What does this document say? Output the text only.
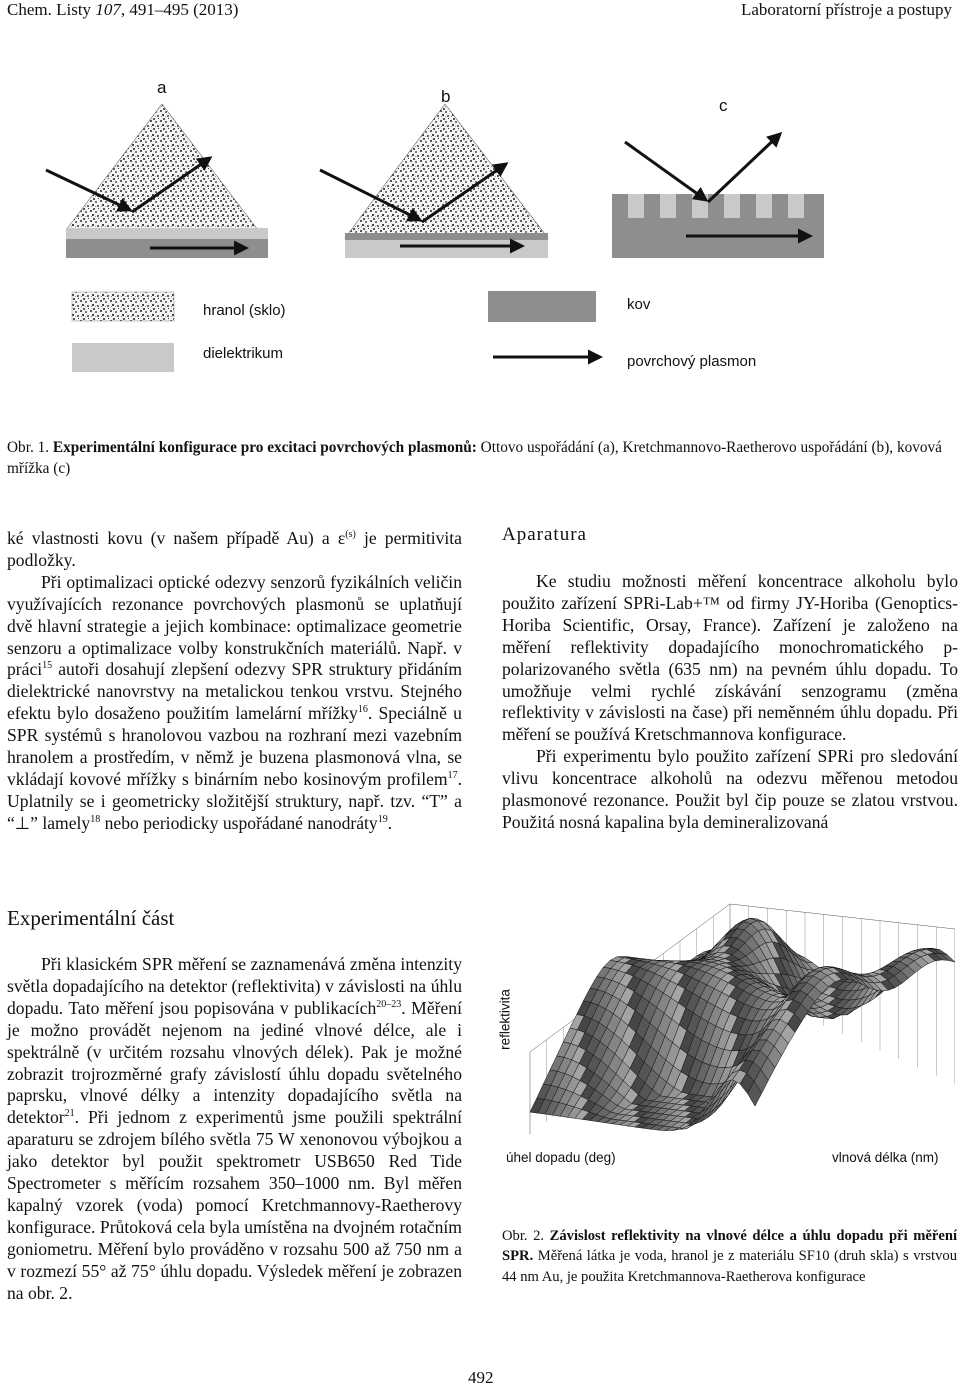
Chem. Listy 107, 491–495 (2013)	Laboratorní přístroje a postupy
a	b	c
hranol (sklo)
dielektrikum
kov
povrchový plasmon
Obr. 1. Experimentální konfigurace pro excitaci povrchových plasmonů: Ottovo uspořádání (a), Kretchmannovo-Raetherovo uspořádání (b), kovová mřížka (c)

ké vlastnosti kovu (v našem případě Au) a $\varepsilon^{(s)}$ je permitivita podložky.

Při optimalizaci optické odezvy senzorů fyzikálních veličin využívajících rezonance povrchových plasmonů se uplatňují dvě hlavní strategie a jejich kombinace: optimalizace geometrie senzoru a optimalizace volby konstrukčních materiálů. Např. v práci$^{15}$ autoři dosahují zlepšení odezvy SPR struktury přidáním dielektrické nanovrstvy na metalickou tenkou vrstvu. Stejného efektu bylo dosaženo použitím lamelární mřížky$^{16}$. Speciálně u SPR systémů s hranolovou vazbou na rozhraní mezi vazebním hranolem a prostředím, v němž je buzena plasmonová vlna, se vkládají kovové mřížky s binárním nebo kosinovým profilem$^{17}$. Uplatnily se i geometricky složitější struktury, např. tzv. “T” a “⊥” lamely$^{18}$ nebo periodicky uspořádané nanodráty$^{19}$.

Aparatura

Ke studiu možnosti měření koncentrace alkoholu bylo použito zařízení SPRi-Lab+™ od firmy JY-Horiba (Genoptics-Horiba Scientific, Orsay, France). Zařízení je založeno na měření reflektivity dopadajícího monochromatického p-polarizovaného světla (635 nm) na pevném úhlu dopadu. To umožňuje velmi rychlé získávání senzogramu (změna reflektivity v závislosti na čase) při neměnném úhlu dopadu. Při měření se používá Kretschmannova konfigurace.

Při experimentu bylo použito zařízení SPRi pro sledování vlivu koncentrace alkoholů na odezvu měřenou metodou plasmonové rezonance. Použit byl čip pouze se zlatou vrstvou. Použitá nosná kapalina byla demineralizovaná

Experimentální část

Při klasickém SPR měření se zaznamenává změna intenzity světla dopadajícího na detektor (reflektivita) v závislosti na úhlu dopadu. Tato měření jsou popisována v publikacích$^{20-23}$. Měření je možno provádět nejenom na jediné vlnové délce, ale i spektrálně (v určitém rozsahu vlnových délek). Pak je možné zobrazit trojrozměrné grafy závislostí úhlu dopadu světelného paprsku, vlnové délky a intenzity dopadajícího světla na detektor$^{21}$. Při jednom z experimentů jsme použili spektrální aparaturu se zdrojem bílého světla 75 W xenonovou výbojkou a jako detektor byl použit spektrometr USB650 Red Tide Spectrometer s měřícím rozsahem 350–1000 nm. Byl měřen kapalný vzorek (voda) pomocí Kretchmannovy-Raetherovy konfigurace. Průtoková cela byla umístěna na dvojném rotačním goniometru. Měření bylo prováděno v rozsahu 500 až 750 nm a v rozmezí 55° až 75° úhlu dopadu. Výsledek měření je zobrazen na obr. 2.

reflektivita
úhel dopadu (deg)	vlnová délka (nm)
Obr. 2. Závislost reflektivity na vlnové délce a úhlu dopadu při měření SPR. Měřená látka je voda, hranol je z materiálu SF10 (druh skla) s vrstvou 44 nm Au, je použita Kretchmannova-Raetherova konfigurace
492
